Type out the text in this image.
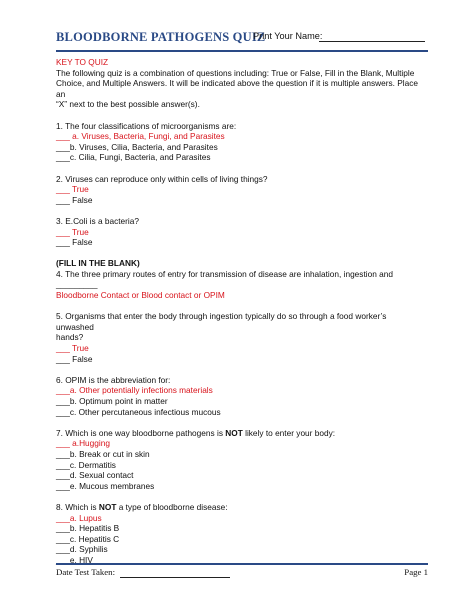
BLOODBORNE PATHOGENS QUIZ
Print Your Name:

KEY TO QUIZ

The following quiz is a combination of questions including: True or False, Fill in the Blank, Multiple

Choice, and Multiple Answers. It will be indicated above the question if it is multiple answers. Place an

“X” next to the best possible answer(s).

1. The four classifications of microorganisms are:

___ a. Viruses, Bacteria, Fungi, and Parasites

___b. Viruses, Cilia, Bacteria, and Parasites

___c. Cilia, Fungi, Bacteria, and Parasites

2. Viruses can reproduce only within cells of living things?

___ True

___ False

3. E.Coli is a bacteria?

___ True

___ False

(FILL IN THE BLANK)

4. The three primary routes of entry for transmission of disease are inhalation, ingestion and _________

Bloodborne Contact or Blood contact or OPIM

5. Organisms that enter the body through ingestion typically do so through a food worker’s unwashed

hands?

___ True

___ False

6. OPIM is the abbreviation for:

___a. Other potentially infections materials

___b. Optimum point in matter

___c. Other percutaneous infectious mucous

7. Which is one way bloodborne pathogens is NOT likely to enter your body:

___ a.Hugging

___b. Break or cut in skin

___c. Dermatitis

___d. Sexual contact

___e. Mucous membranes

8. Which is NOT a type of bloodborne disease:

___a. Lupus

___b. Hepatitis B

___c. Hepatitis C

___d. Syphilis

___e. HIV

Date Test Taken:	Page 1
